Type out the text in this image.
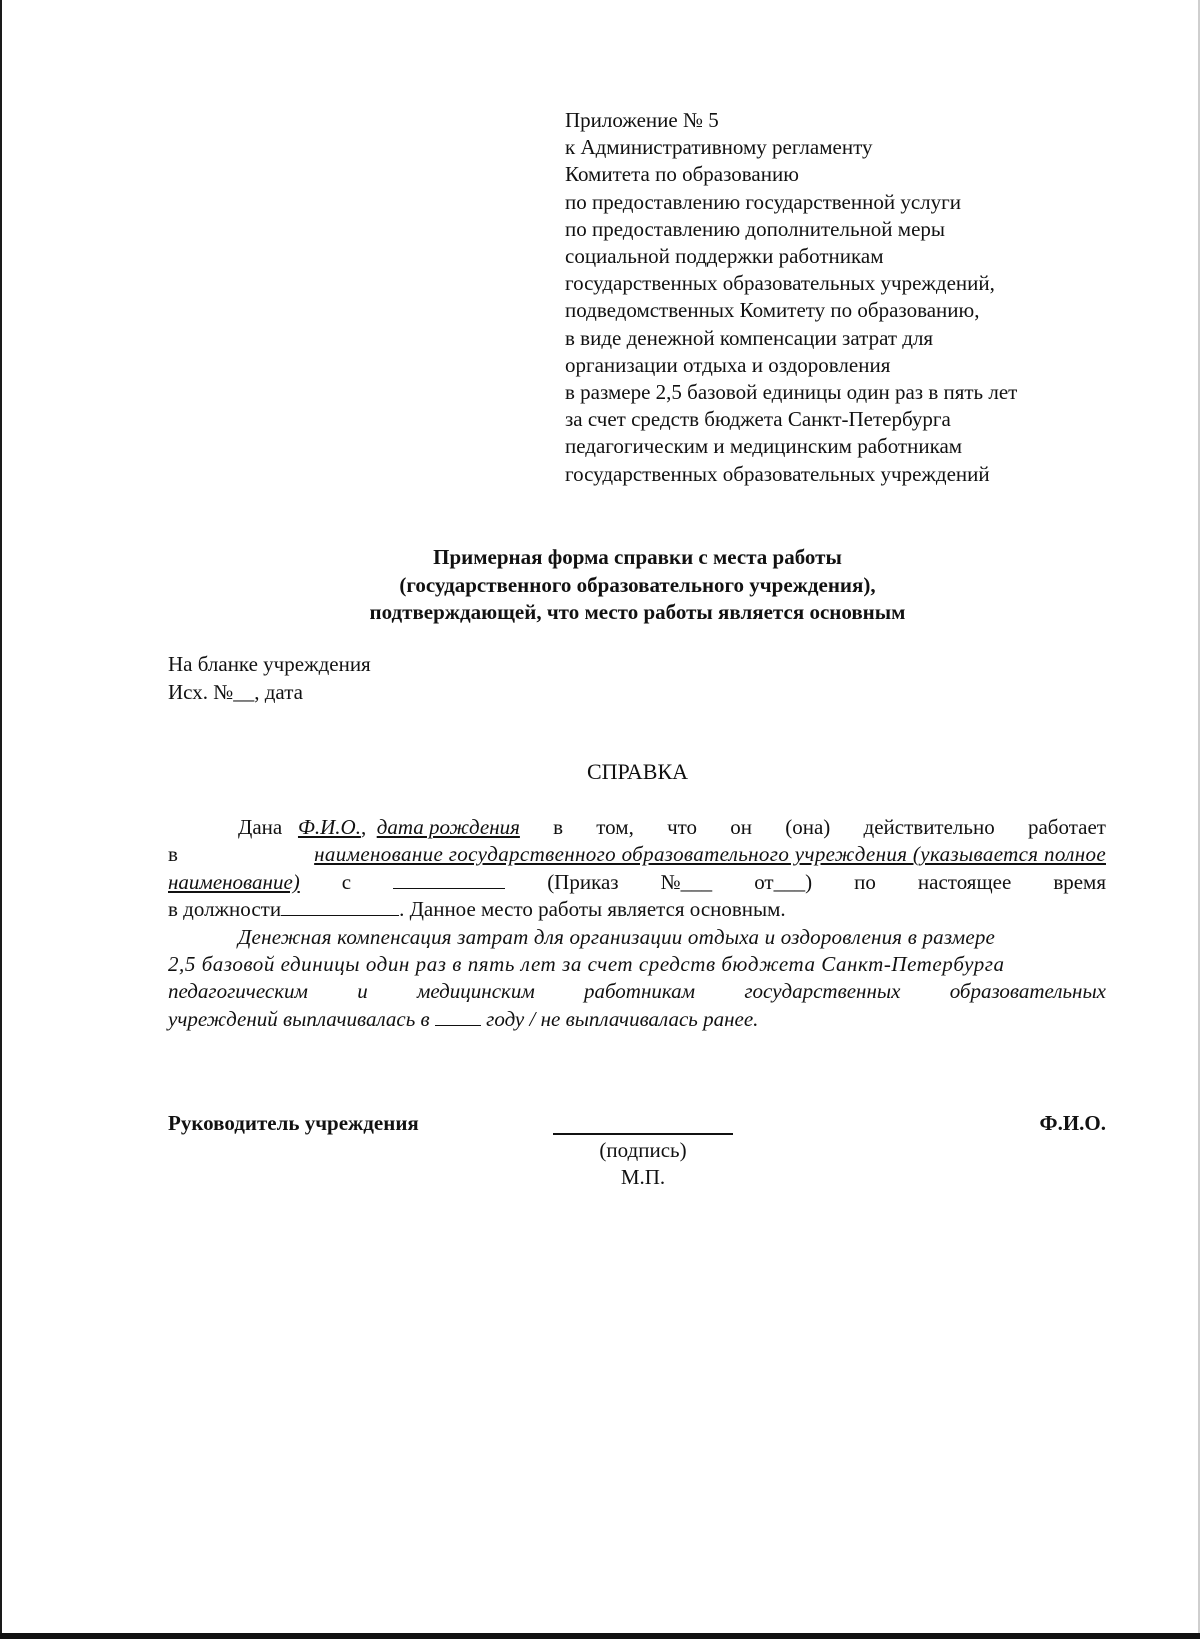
Приложение № 5
к Административному регламенту
Комитета по образованию
по предоставлению государственной услуги
по предоставлению дополнительной меры
социальной поддержки работникам
государственных образовательных учреждений,
подведомственных Комитету по образованию,
в виде денежной компенсации затрат для
организации отдыха и оздоровления
в размере 2,5 базовой единицы один раз в пять лет
за счет средств бюджета Санкт-Петербурга
педагогическим и медицинским работникам
государственных образовательных учреждений
Примерная форма справки с места работы
(государственного образовательного учреждения),
подтверждающей, что место работы является основным
На бланке учреждения
Исх. №__, дата
СПРАВКА
Дана Ф.И.О., дата рождения в том, что он (она) действительно работает
в	наименование государственного образовательного учреждения (указывается полное
наименование) с	(Приказ №___ от___) по настоящее время
в должности	. Данное место работы является основным.
Денежная компенсация затрат для организации отдыха и оздоровления в размере
2,5 базовой единицы один раз в пять лет за счет средств бюджета Санкт-Петербурга
педагогическим и медицинским работникам государственных образовательных
учреждений выплачивалась в

	году / не выплачивалась ранее.
Руководитель учреждения	Ф.И.О.
(подпись)
М.П.
